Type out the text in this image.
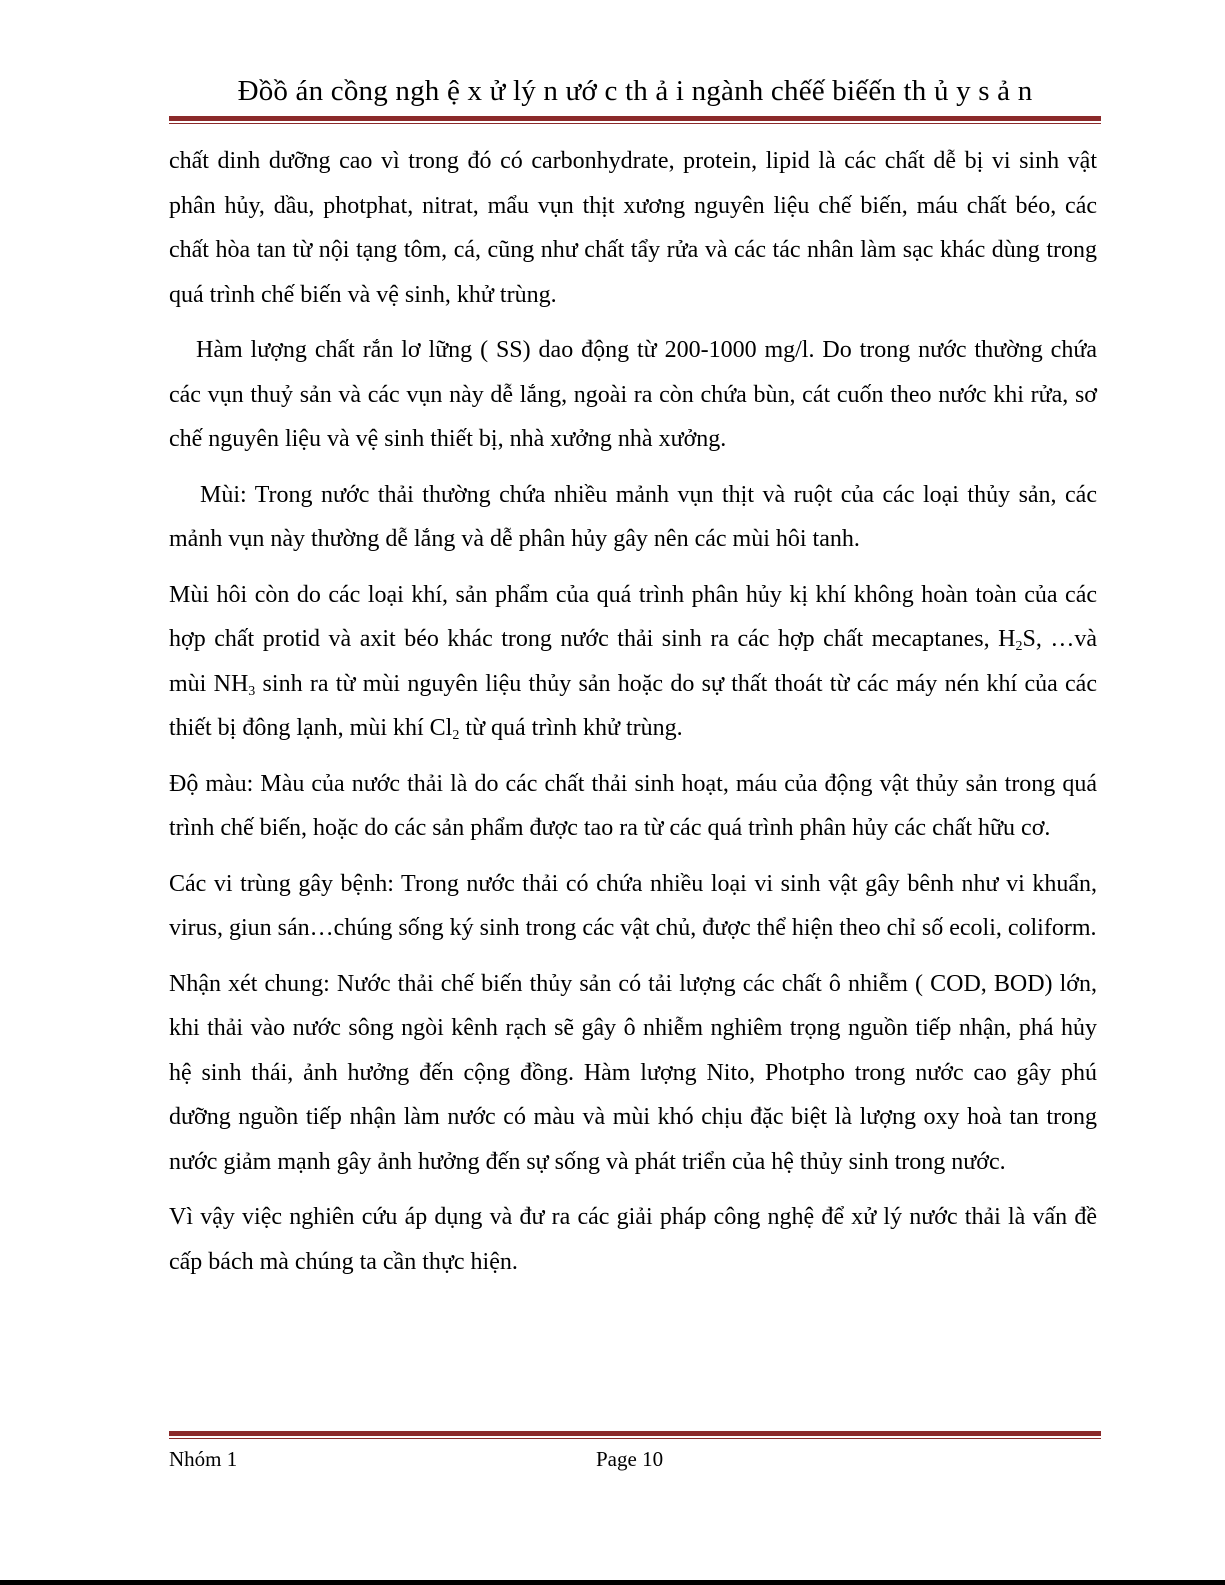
Đồồ án cồng ngh ệ x ử lý n ướ c th ả i ngành chếế biếến th ủ y s ả n

chất dinh dưỡng cao vì trong đó có carbonhydrate, protein, lipid là các chất dễ bị vi sinh vật phân hủy, dầu, photphat, nitrat, mẩu vụn thịt xương nguyên liệu chế biến, máu chất béo, các chất hòa tan từ nội tạng tôm, cá, cũng như chất tẩy rửa và các tác nhân làm sạc khác dùng trong quá trình chế biến và vệ sinh, khử trùng.

Hàm lượng chất rắn lơ lững ( SS) dao động từ 200-1000 mg/l. Do trong nước thường chứa các vụn thuỷ sản và các vụn này dễ lắng, ngoài ra còn chứa bùn, cát cuốn theo nước khi rửa, sơ chế nguyên liệu và vệ sinh thiết bị, nhà xưởng nhà xưởng.

Mùi: Trong nước thải thường chứa nhiều mảnh vụn thịt và ruột của các loại thủy sản, các mảnh vụn này thường dễ lắng và dễ phân hủy gây nên các mùi hôi tanh.

Mùi hôi còn do các loại khí, sản phẩm của quá trình phân hủy kị khí không hoàn toàn của các hợp chất protid và axit béo khác trong nước thải sinh ra các hợp chất mecaptanes, $H_2S$, …và mùi $NH_3$ sinh ra từ mùi nguyên liệu thủy sản hoặc do sự thất thoát từ các máy nén khí của các thiết bị đông lạnh, mùi khí $Cl_2$ từ quá trình khử trùng.

Độ màu: Màu của nước thải là do các chất thải sinh hoạt, máu của động vật thủy sản trong quá trình chế biến, hoặc do các sản phẩm được tao ra từ các quá trình phân hủy các chất hữu cơ.

Các vi trùng gây bệnh: Trong nước thải có chứa nhiều loại vi sinh vật gây bênh như vi khuẩn, virus, giun sán…chúng sống ký sinh trong các vật chủ, được thể hiện theo chỉ số ecoli, coliform.

Nhận xét chung: Nước thải chế biến thủy sản có tải lượng các chất ô nhiễm ( COD, BOD) lớn, khi thải vào nước sông ngòi kênh rạch sẽ gây ô nhiễm nghiêm trọng nguồn tiếp nhận, phá hủy hệ sinh thái, ảnh hưởng đến cộng đồng. Hàm lượng Nito, Photpho trong nước cao gây phú dưỡng nguồn tiếp nhận làm nước có màu và mùi khó chịu đặc biệt là lượng oxy hoà tan trong nước giảm mạnh gây ảnh hưởng đến sự sống và phát triển của hệ thủy sinh trong nước.

Vì vậy việc nghiên cứu áp dụng và đư ra các giải pháp công nghệ để xử lý nước thải là vấn đề cấp bách mà chúng ta cần thực hiện.

Nhóm 1	Page 10
